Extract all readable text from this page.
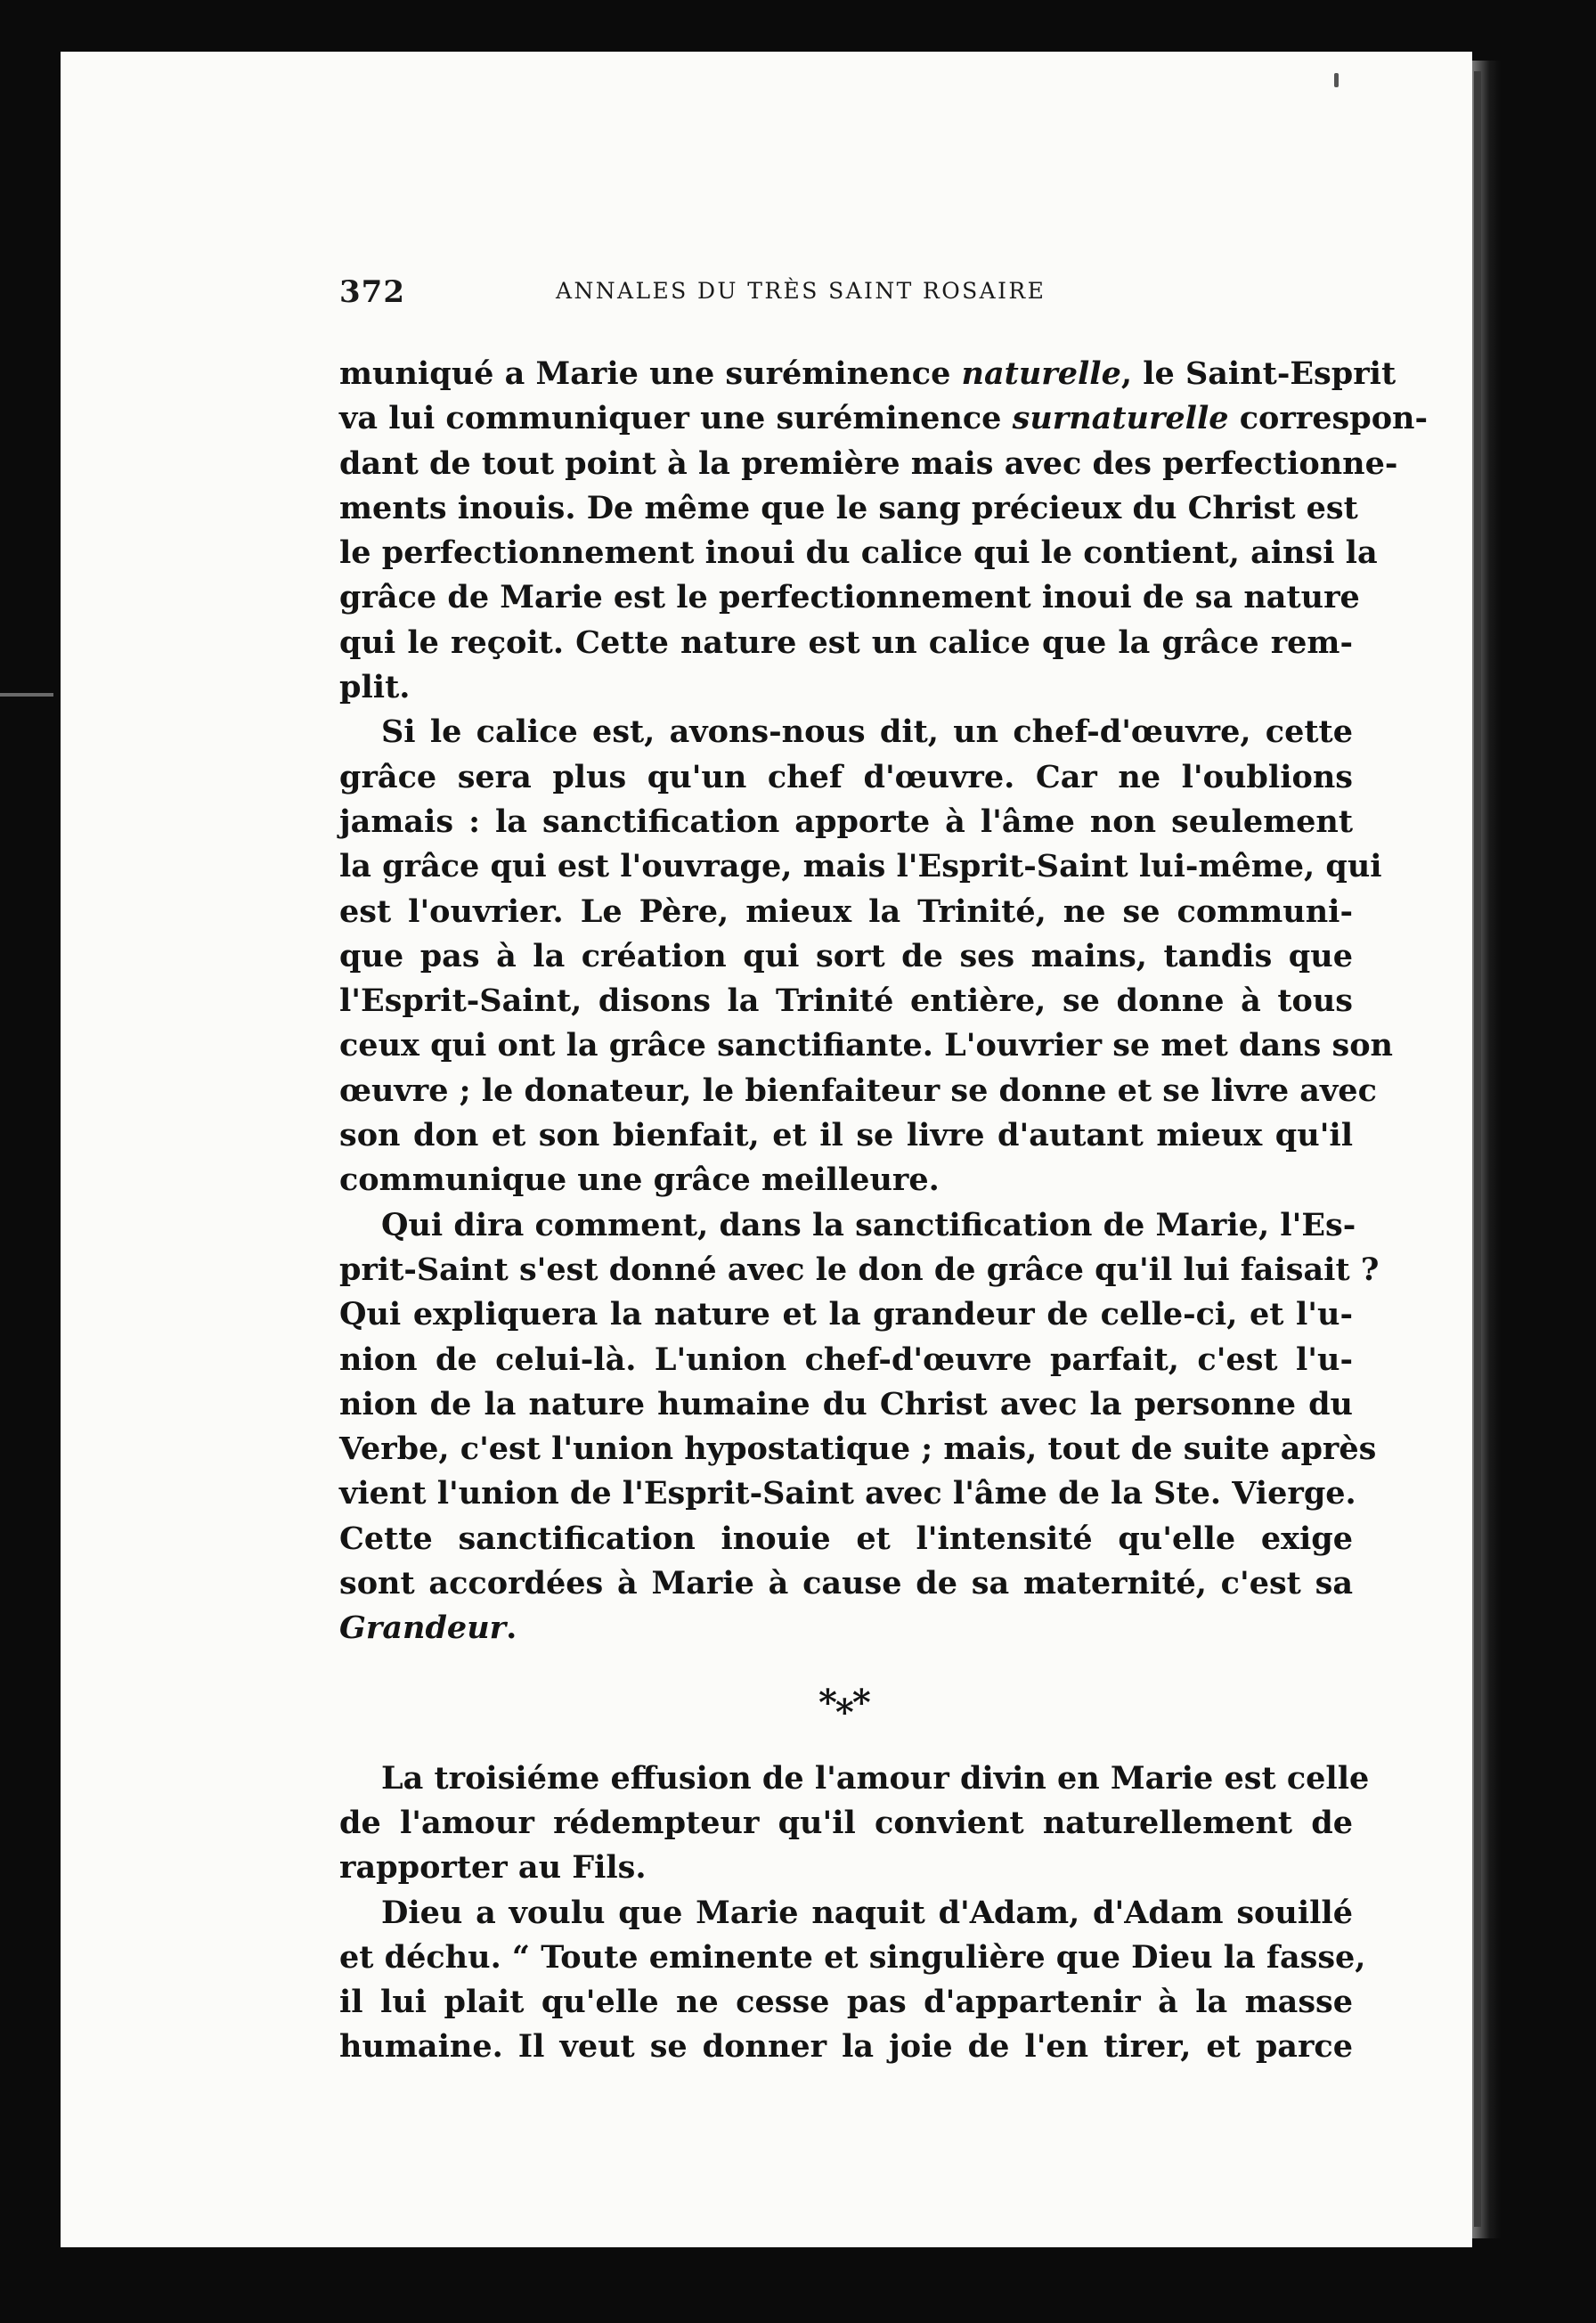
372	ANNALES DU TRÈS SAINT ROSAIRE
muniqué a Marie une suréminence naturelle, le Saint-Esprit
va lui communiquer une suréminence surnaturelle correspon-
dant de tout point à la première mais avec des perfectionne-
ments inouis. De même que le sang précieux du Christ est
le perfectionnement inoui du calice qui le contient, ainsi la
grâce de Marie est le perfectionnement inoui de sa nature
qui le reçoit. Cette nature est un calice que la grâce rem-
plit.
Si le calice est, avons-nous dit, un chef-d'œuvre, cette
grâce sera plus qu'un chef d'œuvre. Car ne l'oublions
jamais : la sanctification apporte à l'âme non seulement
la grâce qui est l'ouvrage, mais l'Esprit-Saint lui-même, qui
est l'ouvrier. Le Père, mieux la Trinité, ne se communi-
que pas à la création qui sort de ses mains, tandis que
l'Esprit-Saint, disons la Trinité entière, se donne à tous
ceux qui ont la grâce sanctifiante. L'ouvrier se met dans son
œuvre ; le donateur, le bienfaiteur se donne et se livre avec
son don et son bienfait, et il se livre d'autant mieux qu'il
communique une grâce meilleure.
Qui dira comment, dans la sanctification de Marie, l'Es-
prit-Saint s'est donné avec le don de grâce qu'il lui faisait ?
Qui expliquera la nature et la grandeur de celle-ci, et l'u-
nion de celui-là. L'union chef-d'œuvre parfait, c'est l'u-
nion de la nature humaine du Christ avec la personne du
Verbe, c'est l'union hypostatique ; mais, tout de suite après
vient l'union de l'Esprit-Saint avec l'âme de la Ste. Vierge.
Cette sanctification inouie et l'intensité qu'elle exige
sont accordées à Marie à cause de sa maternité, c'est sa
Grandeur.
*⁎*
La troisiéme effusion de l'amour divin en Marie est celle
de l'amour rédempteur qu'il convient naturellement de
rapporter au Fils.
Dieu a voulu que Marie naquit d'Adam, d'Adam souillé
et déchu. “ Toute eminente et singulière que Dieu la fasse,
il lui plait qu'elle ne cesse pas d'appartenir à la masse
humaine. Il veut se donner la joie de l'en tirer, et parce
